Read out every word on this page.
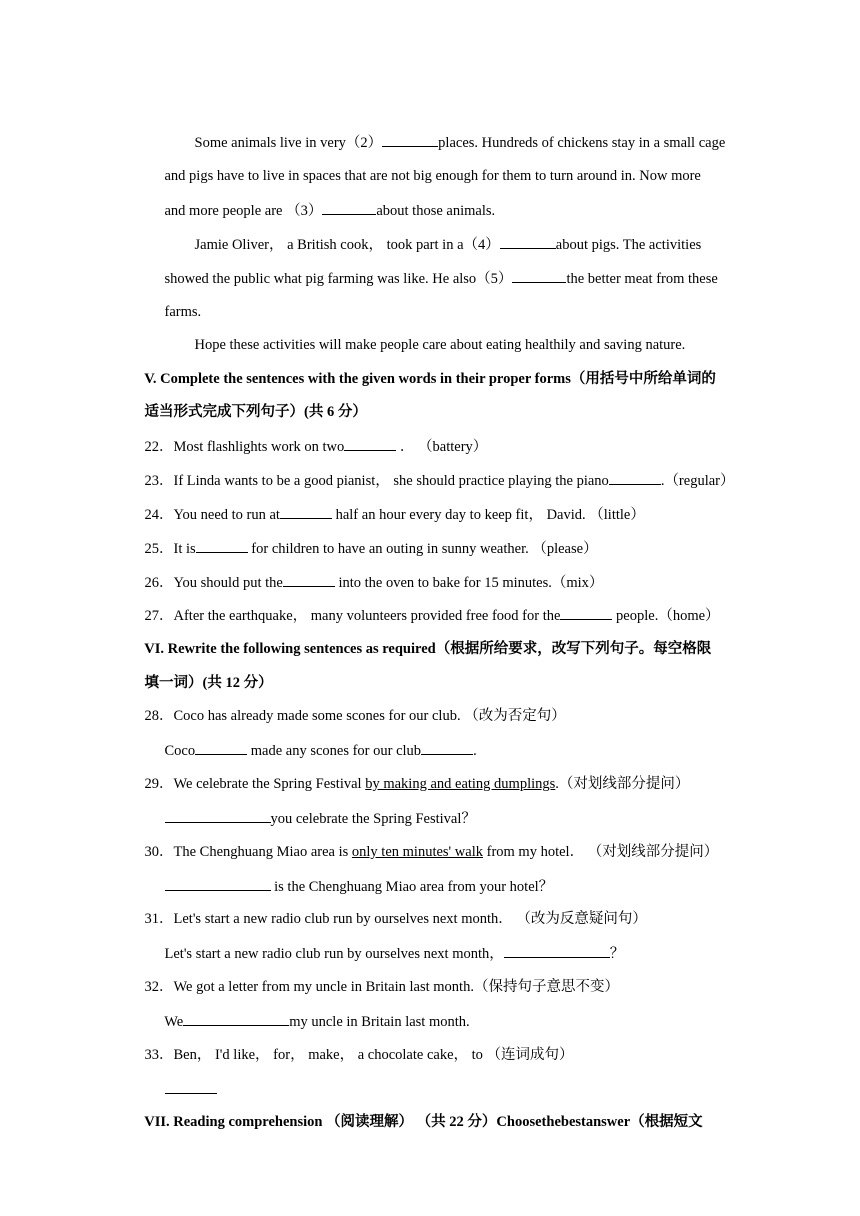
Some animals live in very（2）	places. Hundreds of chickens stay in a small cage

and pigs have to live in spaces that are not big enough for them to turn around in. Now more

and more people are （3）	about those animals.

Jamie Oliver， a British cook， took part in a（4）	about pigs. The activities

showed the public what pig farming was like. He also（5）	the better meat from these

farms.

Hope these activities will make people care about eating healthily and saving nature.

V. Complete the sentences with the given words in their proper forms（用括号中所给单词的

适当形式完成下列句子）(共 6 分）

22．Most flashlights work on two	． （battery）

23．If Linda wants to be a good pianist， she should practice playing the piano	.（regular）

24．You need to run at	half an hour every day to keep fit， David. （little）

25．It is	for children to have an outing in sunny weather. （please）

26．You should put the	into the oven to bake for 15 minutes.（mix）

27．After the earthquake， many volunteers provided free food for the	people.（home）

VI. Rewrite the following sentences as required（根据所给要求，改写下列句子。每空格限

填一词）(共 12 分）

28．Coco has already made some scones for our club. （改为否定句）

Coco	made any scones for our club	.

29．We celebrate the Spring Festival by making and eating dumplings.（对划线部分提问）

you celebrate the Spring Festival？

30．The Chenghuang Miao area is only ten minutes' walk from my hotel． （对划线部分提问）

is the Chenghuang Miao area from your hotel？

31．Let's start a new radio club run by ourselves next month． （改为反意疑问句）

Let's start a new radio club run by ourselves next month，	？

32．We got a letter from my uncle in Britain last month.（保持句子意思不变）

We	my uncle in Britain last month.

33．Ben， I'd like， for， make， a chocolate cake， to （连词成句）

VII. Reading comprehension （阅读理解） （共 22 分）Choosethebestanswer（根据短文
